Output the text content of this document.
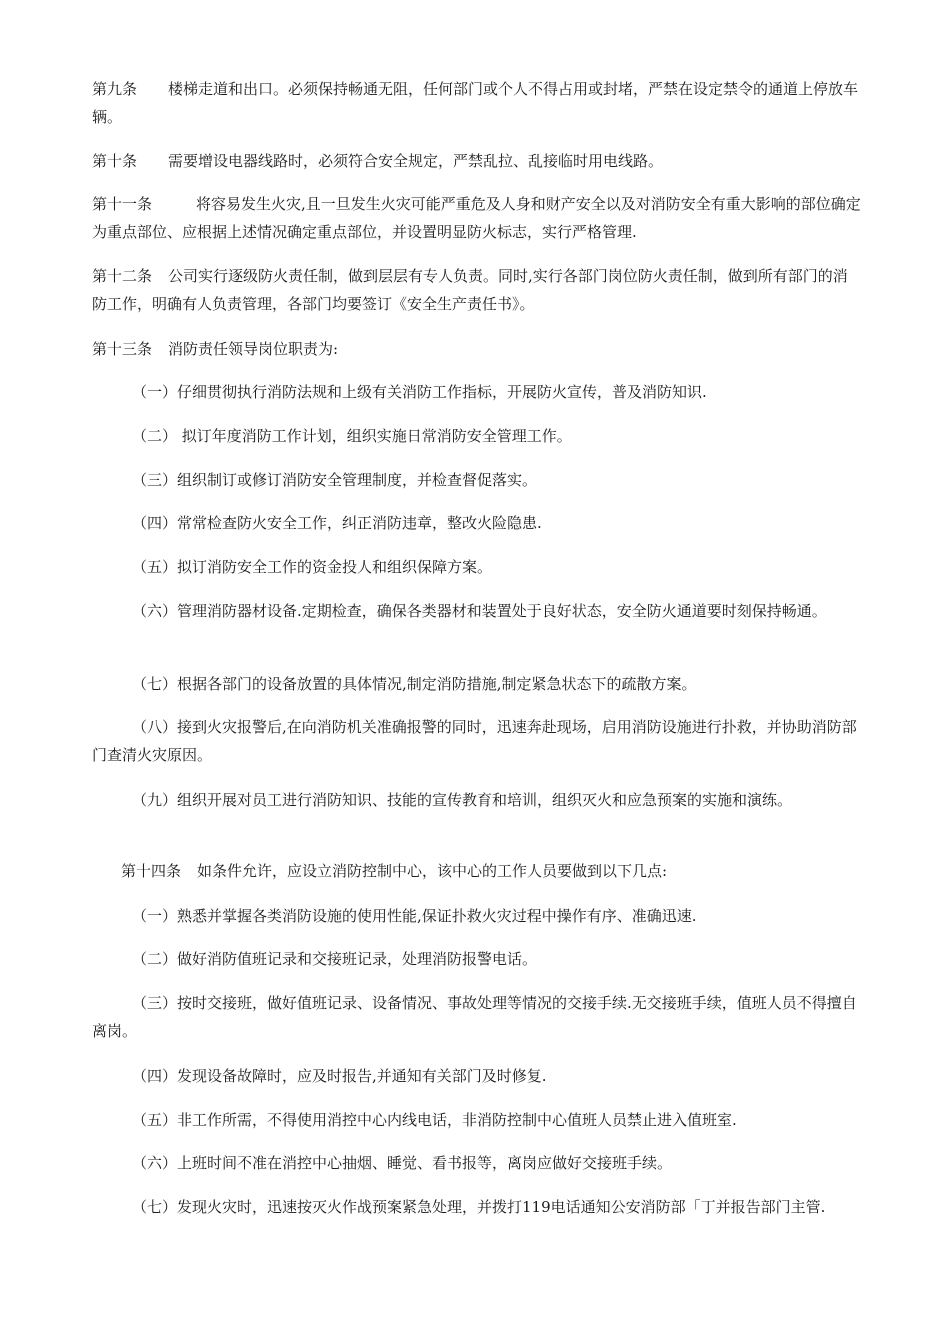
第九条 楼梯走道和出口。必须保持畅通无阻，任何部门或个人不得占用或封堵，严禁在设定禁令的通道上停放车辆。

第十条 需要增设电器线路时，必须符合安全规定，严禁乱拉、乱接临时用电线路。

第十一条	将容易发生火灾,且一旦发生火灾可能严重危及人身和财产安全以及对消防安全有重大影响的部位确定为重点部位、应根据上述情况确定重点部位，并设置明显防火标志，实行严格管理.

第十二条 公司实行逐级防火责任制，做到层层有专人负责。同时,实行各部门岗位防火责任制，做到所有部门的消防工作，明确有人负责管理，各部门均要签订《安全生产责任书》。

第十三条 消防责任领导岗位职责为:

（一）仔细贯彻执行消防法规和上级有关消防工作指标，开展防火宣传，普及消防知识.

（二） 拟订年度消防工作计划，组织实施日常消防安全管理工作。

（三）组织制订或修订消防安全管理制度，并检查督促落实。

（四）常常检查防火安全工作，纠正消防违章，整改火险隐患.

（五）拟订消防安全工作的资金投人和组织保障方案。

（六）管理消防器材设备.定期检查，确保各类器材和装置处于良好状态，安全防火通道要时刻保持畅通。

（七）根据各部门的设备放置的具体情况,制定消防措施,制定紧急状态下的疏散方案。

（八）接到火灾报警后,在向消防机关准确报警的同时，迅速奔赴现场，启用消防设施进行扑救，并协助消防部门查清火灾原因。

（九）组织开展对员工进行消防知识、技能的宣传教育和培训，组织灭火和应急预案的实施和演练。

第十四条 如条件允许，应设立消防控制中心，该中心的工作人员要做到以下几点:

（一）熟悉并掌握各类消防设施的使用性能,保证扑救火灾过程中操作有序、准确迅速.

（二）做好消防值班记录和交接班记录，处理消防报警电话。

（三）按时交接班，做好值班记录、设备情况、事故处理等情况的交接手续.无交接班手续，值班人员不得擅自离岗。

（四）发现设备故障时，应及时报告,并通知有关部门及时修复.

（五）非工作所需，不得使用消控中心内线电话，非消防控制中心值班人员禁止进入值班室.

（六）上班时间不准在消控中心抽烟、睡觉、看书报等，离岗应做好交接班手续。

（七）发现火灾时，迅速按灭火作战预案紧急处理，并拨打119电话通知公安消防部「丁并报告部门主管.
